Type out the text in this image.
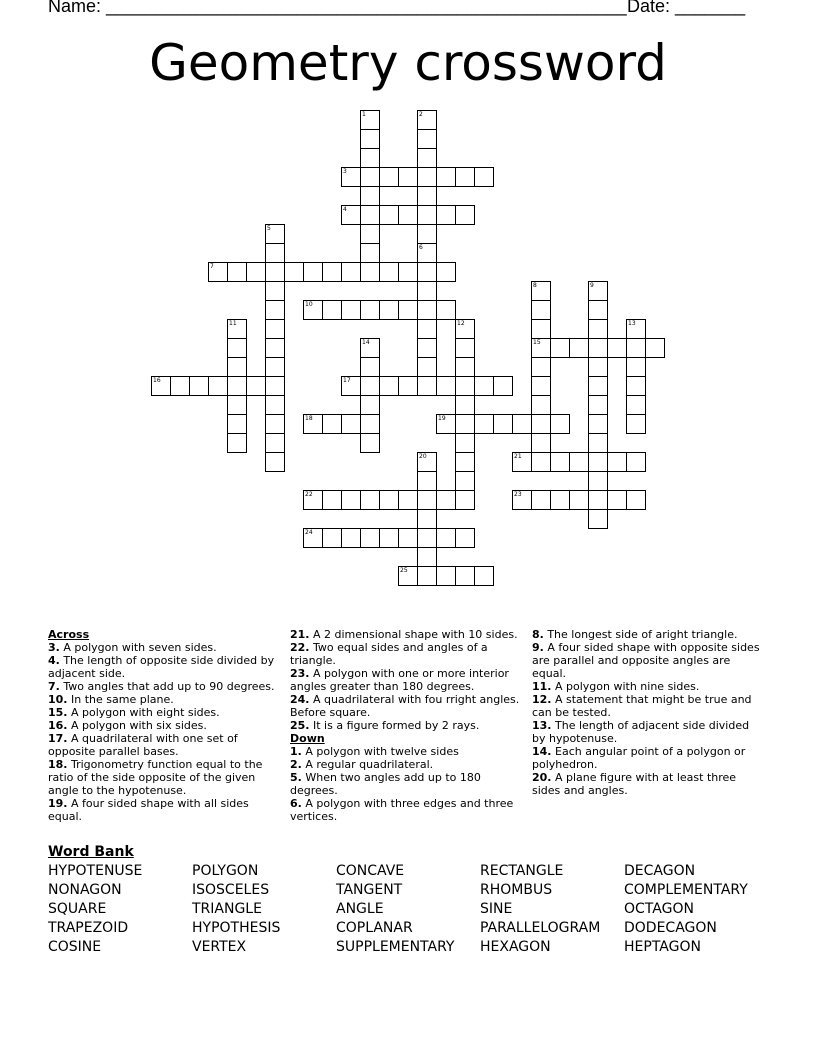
Name: ____________________________________________________ Date: _______
Geometry crossword
1	2
3
4
5
6
7
8
15
9
10
11	12	13
14
16	17
18	19
20	21
22	23
24
25

Across

3. A polygon with seven sides.

4. The length of opposite side divided by adjacent side.

7. Two angles that add up to 90 degrees.

10. In the same plane.

15. A polygon with eight sides.

16. A polygon with six sides.

17. A quadrilateral with one set of opposite parallel bases.

18. Trigonometry function equal to the ratio of the side opposite of the given angle to the hypotenuse.

19. A four sided shape with all sides equal.

21. A 2 dimensional shape with 10 sides.

22. Two equal sides and angles of a triangle.

23. A polygon with one or more interior angles greater than 180 degrees.

24. A quadrilateral with fou rright angles. Before square.

25. It is a figure formed by 2 rays.

Down

1. A polygon with twelve sides

2. A regular quadrilateral.

5. When two angles add up to 180 degrees.

6. A polygon with three edges and three vertices.

8. The longest side of aright triangle.

9. A four sided shape with opposite sides are parallel and opposite angles are equal.

11. A polygon with nine sides.

12. A statement that might be true and can be tested.

13. The length of adjacent side divided by hypotenuse.

14. Each angular point of a polygon or polyhedron.

20. A plane figure with at least three sides and angles.

Word Bank
HYPOTENUSE
NONAGON
SQUARE
TRAPEZOID
COSINE
POLYGON
ISOSCELES
TRIANGLE
HYPOTHESIS
VERTEX
CONCAVE
TANGENT
ANGLE
COPLANAR
SUPPLEMENTARY
RECTANGLE
RHOMBUS
SINE
PARALLELOGRAM
HEXAGON
DECAGON
COMPLEMENTARY
OCTAGON
DODECAGON
HEPTAGON
